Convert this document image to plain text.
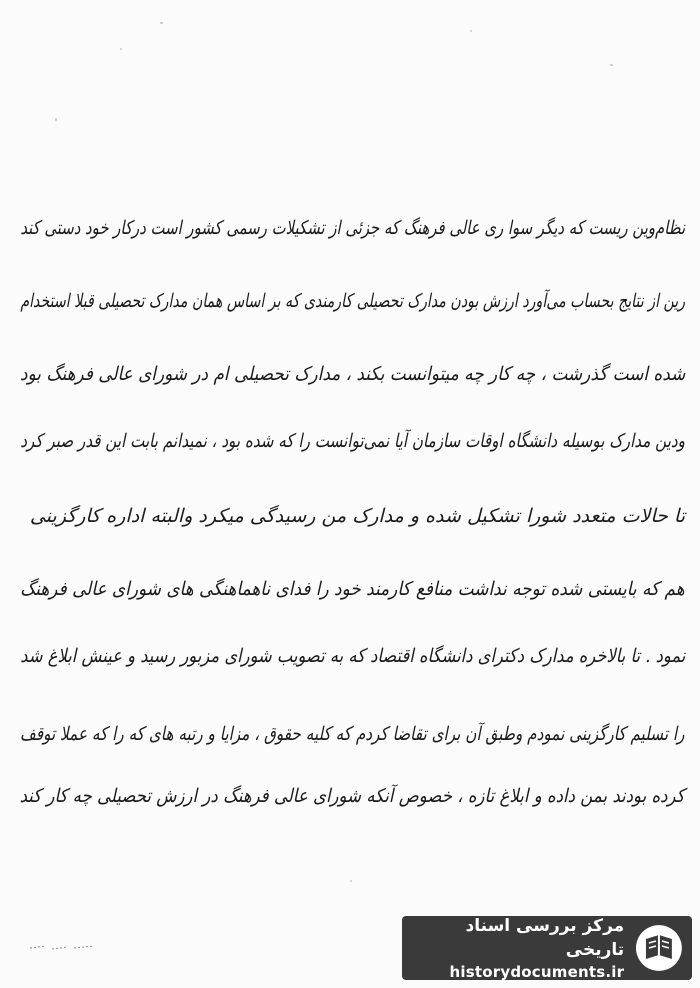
نظام‌وین ریست که دیگر سوا ری عالی فرهنگ که جزئی از تشکیلات رسمی کشور است درکار خود دستی کند
رین از نتایج بحساب می‌آورد ارزش بودن مدارک تحصیلی کارمندی که بر اساس همان مدارک تحصیلی قبلا استخدام
شده است گذرشت ، چه کار چه میتوانست بکند ، مدارک تحصیلی ام در شورای عالی فرهنگ بود
ودین مدارک بوسیله دانشگاه اوقات سازمان آیا نمی‌توانست را که شده بود ، نمیدانم بابت این قدر صبر کرد
تا حالات متعدد شورا تشکیل شده و مدارک من رسیدگی میکرد والبته اداره کارگزینی
هم که بایستی شده توجه نداشت منافع کارمند خود را فدای ناهماهنگی های شورای عالی فرهنگ
نمود . تا بالاخره مدارک دکترای دانشگاه اقتصاد که به تصویب شورای مزبور رسید و عینش ابلاغ شد
را تسلیم کارگزینی نمودم وطبق آن برای تقاضا کردم که کلیه حقوق ، مزایا و رتبه های که را که عملا توقف
کرده بودند بمن داده و ابلاغ تازه‌ ، خصوص آنکه شورای عالی فرهنگ در ارزش تحصیلی چه کار کند
مرکز بررسی اسناد تاریخی
historydocuments.ir
